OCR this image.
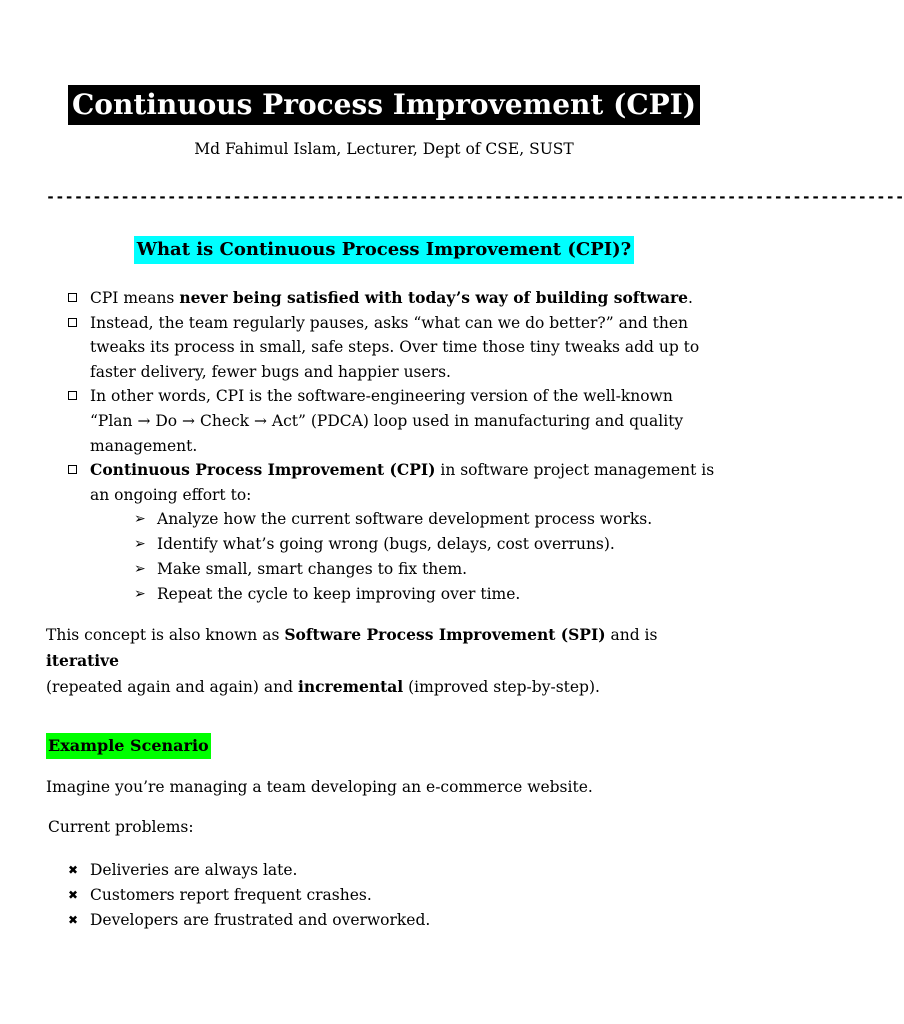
Continuous Process Improvement (CPI)
Md Fahimul Islam, Lecturer, Dept of CSE, SUST
--------------------------------------------------------------------------------------------
What is Continuous Process Improvement (CPI)?
CPI means never being satisfied with today’s way of building software.
Instead, the team regularly pauses, asks “what can we do better?” and then tweaks its process in small, safe steps. Over time those tiny tweaks add up to faster delivery, fewer bugs and happier users.
In other words, CPI is the software-engineering version of the well-known
“Plan → Do → Check → Act” (PDCA) loop used in manufacturing and quality management.
Continuous Process Improvement (CPI) in software project management is an ongoing effort to:
➢ Analyze how the current software development process works.
➢ Identify what’s going wrong (bugs, delays, cost overruns).
➢ Make small, smart changes to fix them.
➢ Repeat the cycle to keep improving over time.
This concept is also known as Software Process Improvement (SPI) and is iterative
(repeated again and again) and incremental (improved step-by-step).
Example Scenario
Imagine you’re managing a team developing an e-commerce website.
Current problems:
✖ Deliveries are always late.
✖ Customers report frequent crashes.
✖ Developers are frustrated and overworked.
